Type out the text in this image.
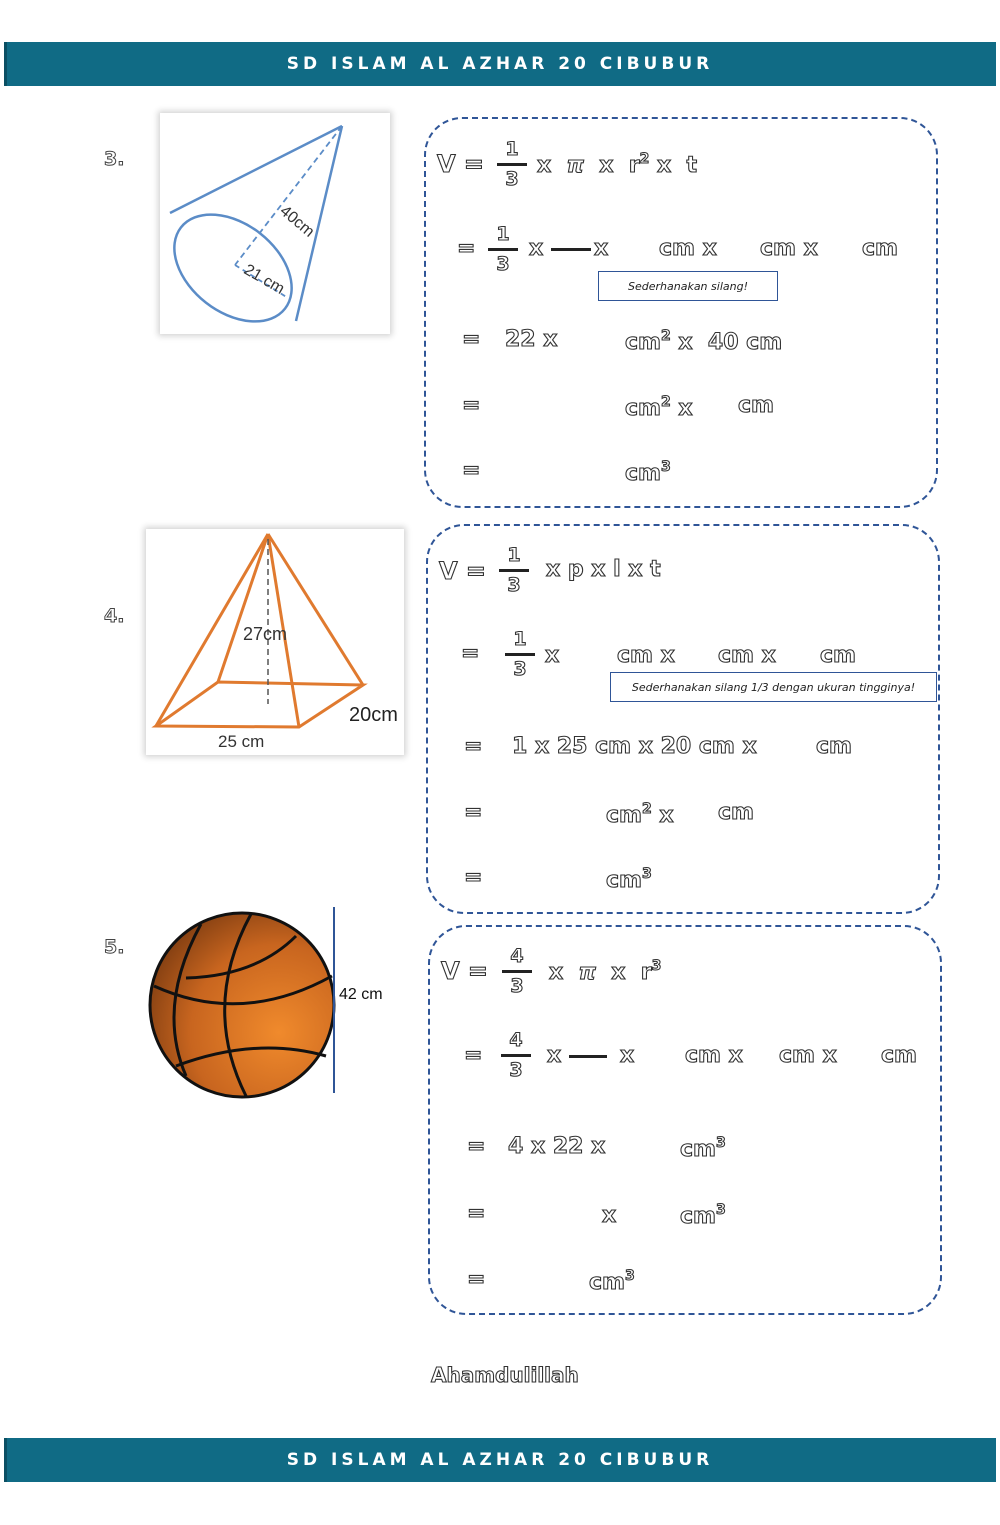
SD ISLAM AL AZHAR 20 CIBUBUR
3.
40cm
21 cm
V =
1
3
x  π  x  $r^2$ x  t
=
1
3
x x cm x cm x cm
Sederhanakan silang!
= 22 x	$cm^2$ x  40 cm
=	$cm^2$ x cm
=	$cm^3$
4.
27cm
20cm
25 cm
V =
1
3
x p x l x t
=
1
3
x	cm x cm x cm
Sederhanakan silang 1/3 dengan ukuran tingginya!
= 1 x 25 cm x 20 cm x	cm
=	$cm^2$ x cm
=	$cm^3$
5.
42 cm
V =
4
3
x  π  x  $r^3$
=
4
3
x	x cm x cm x cm
= 4 x 22 x	$cm^3$
=	x	$cm^3$
=	$cm^3$
Ahamdulillah
SD ISLAM AL AZHAR 20 CIBUBUR
